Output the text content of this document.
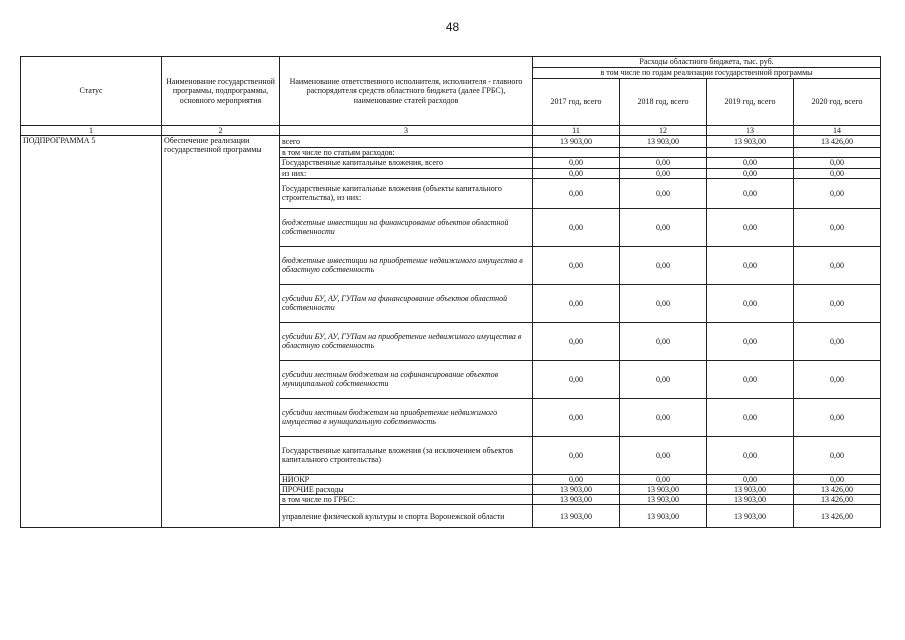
48
Статус	Наименование государственной программы, подпрограммы, основного мероприятия	Наименование ответственного исполнителя, исполнителя - главного распорядителя средств областного бюджета (далее ГРБС), наименование статей расходов	Расходы областного бюджета, тыс. руб.			
			в том числе по годам реализации государственной программы			
			2017 год, всего	2018 год, всего	2019 год, всего	2020 год, всего
1	2	3	11	12	13	14
ПОДПРОГРАММА 5	Обеспечение реализации государственной программы	всего	13 903,00	13 903,00	13 903,00	13 426,00
		в том числе по статьям расходов:				
		Государственные капитальные вложения, всего	0,00	0,00	0,00	0,00
		из них:	0,00	0,00	0,00	0,00
		Государственные капитальные вложения (объекты капитального строительства), из них:	0,00	0,00	0,00	0,00
		бюджетные инвестиции на финансирование объектов областной собственности	0,00	0,00	0,00	0,00
		бюджетные инвестиции на приобретение недвижимого имущества в областную собственность	0,00	0,00	0,00	0,00
		субсидии БУ, АУ, ГУПам на финансирование объектов областной собственности	0,00	0,00	0,00	0,00
		субсидии БУ, АУ, ГУПам на приобретение недвижимого имущества в областную собственность	0,00	0,00	0,00	0,00
		субсидии местным бюджетам на софинансирование объектов муниципальной собственности	0,00	0,00	0,00	0,00
		субсидии местным бюджетам на приобретение недвижимого имущества в муниципальную собственность	0,00	0,00	0,00	0,00
		Государственные капитальные вложения (за исключением объектов капитального строительства)	0,00	0,00	0,00	0,00
		НИОКР	0,00	0,00	0,00	0,00
		ПРОЧИЕ расходы	13 903,00	13 903,00	13 903,00	13 426,00
		в том числе по ГРБС:	13 903,00	13 903,00	13 903,00	13 426,00
		управление физической культуры и спорта Воронежской области	13 903,00	13 903,00	13 903,00	13 426,00
